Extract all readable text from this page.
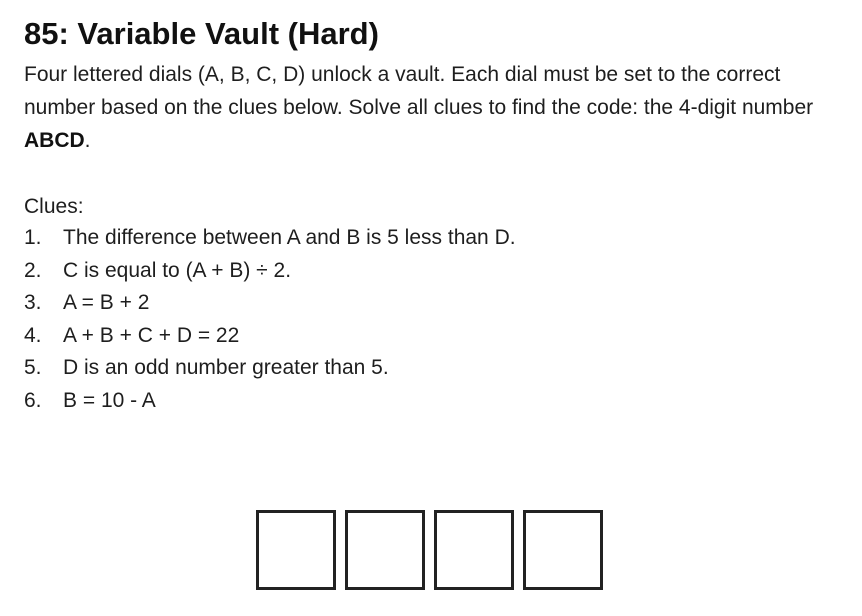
85: Variable Vault (Hard)

Four lettered dials (A, B, C, D) unlock a vault. Each dial must be set to the correct number based on the clues below. Solve all clues to find the code: the 4-digit number ABCD.

Clues:

1.	The difference between A and B is 5 less than D.
2.	C is equal to (A + B) ÷ 2.
3.	A = B + 2
4.	A + B + C + D = 22
5.	D is an odd number greater than 5.
6.	B = 10 - A
